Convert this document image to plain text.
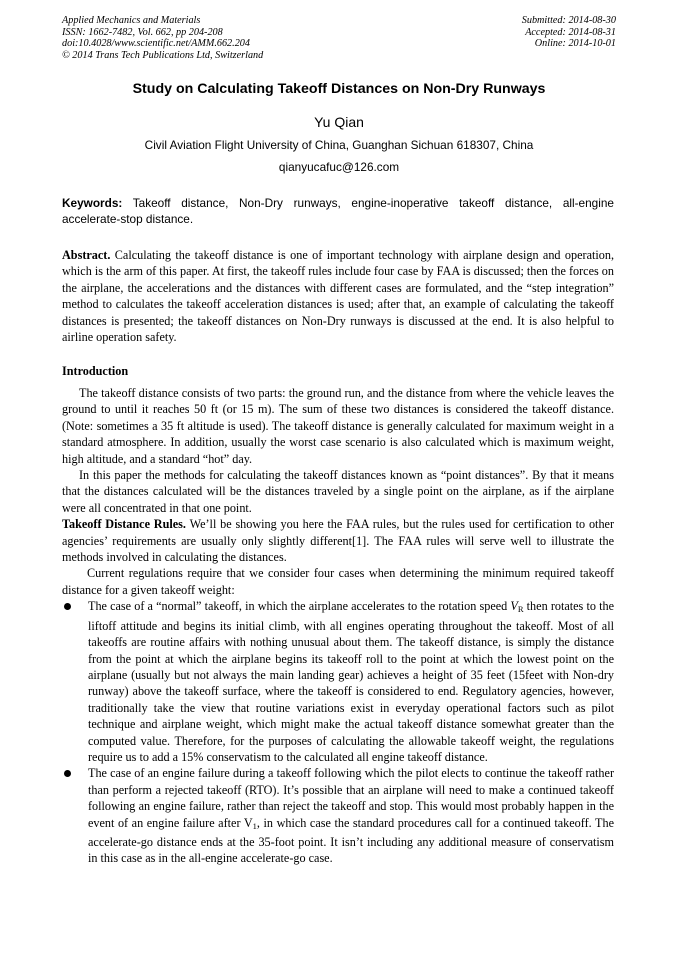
Applied Mechanics and Materials
ISSN: 1662-7482, Vol. 662, pp 204-208
doi:10.4028/www.scientific.net/AMM.662.204
© 2014 Trans Tech Publications Ltd, Switzerland
Submitted: 2014-08-30
Accepted: 2014-08-31
Online: 2014-10-01
Study on Calculating Takeoff Distances on Non-Dry Runways
Yu Qian
Civil Aviation Flight University of China, Guanghan Sichuan 618307, China
qianyucafuc@126.com
Keywords: Takeoff distance, Non-Dry runways, engine-inoperative takeoff distance, all-engine accelerate-stop distance.
Abstract. Calculating the takeoff distance is one of important technology with airplane design and operation, which is the arm of this paper. At first, the takeoff rules include four case by FAA is discussed; then the forces on the airplane, the accelerations and the distances with different cases are formulated, and the “step integration” method to calculates the takeoff acceleration distances is used; after that, an example of calculating the takeoff distances is presented; the takeoff distances on Non-Dry runways is discussed at the end. It is also helpful to airline operation safety.
Introduction

The takeoff distance consists of two parts: the ground run, and the distance from where the vehicle leaves the ground to until it reaches 50 ft (or 15 m). The sum of these two distances is considered the takeoff distance. (Note: sometimes a 35 ft altitude is used). The takeoff distance is generally calculated for maximum weight in a standard atmosphere. In addition, usually the worst case scenario is also calculated which is maximum weight, high altitude, and a standard “hot” day.

In this paper the methods for calculating the takeoff distances known as “point distances”. By that it means that the distances calculated will be the distances traveled by a single point on the airplane, as if the airplane were all concentrated in that one point.

Takeoff Distance Rules. We’ll be showing you here the FAA rules, but the rules used for certification to other agencies’ requirements are usually only slightly different[1]. The FAA rules will serve well to illustrate the methods involved in calculating the distances.

Current regulations require that we consider four cases when determining the minimum required takeoff distance for a given takeoff weight:

The case of a “normal” takeoff, in which the airplane accelerates to the rotation speed $V_R$ then rotates to the liftoff attitude and begins its initial climb, with all engines operating throughout the takeoff. Most of all takeoffs are routine affairs with nothing unusual about them. The takeoff distance, is simply the distance from the point at which the airplane begins its takeoff roll to the point at which the lowest point on the airplane (usually but not always the main landing gear) achieves a height of 35 feet (15feet with Non-dry runway) above the takeoff surface, where the takeoff is considered to end. Regulatory agencies, however, traditionally take the view that routine variations exist in everyday operational factors such as pilot technique and airplane weight, which might make the actual takeoff distance somewhat greater than the computed value. Therefore, for the purposes of calculating the allowable takeoff weight, the regulations require us to add a 15% conservatism to the calculated all engine takeoff distance.
The case of an engine failure during a takeoff following which the pilot elects to continue the takeoff rather than perform a rejected takeoff (RTO). It’s possible that an airplane will need to make a continued takeoff following an engine failure, rather than reject the takeoff and stop. This would most probably happen in the event of an engine failure after $V_1$, in which case the standard procedures call for a continued takeoff. The accelerate-go distance ends at the 35-foot point. It isn’t including any additional measure of conservatism in this case as in the all-engine accelerate-go case.
